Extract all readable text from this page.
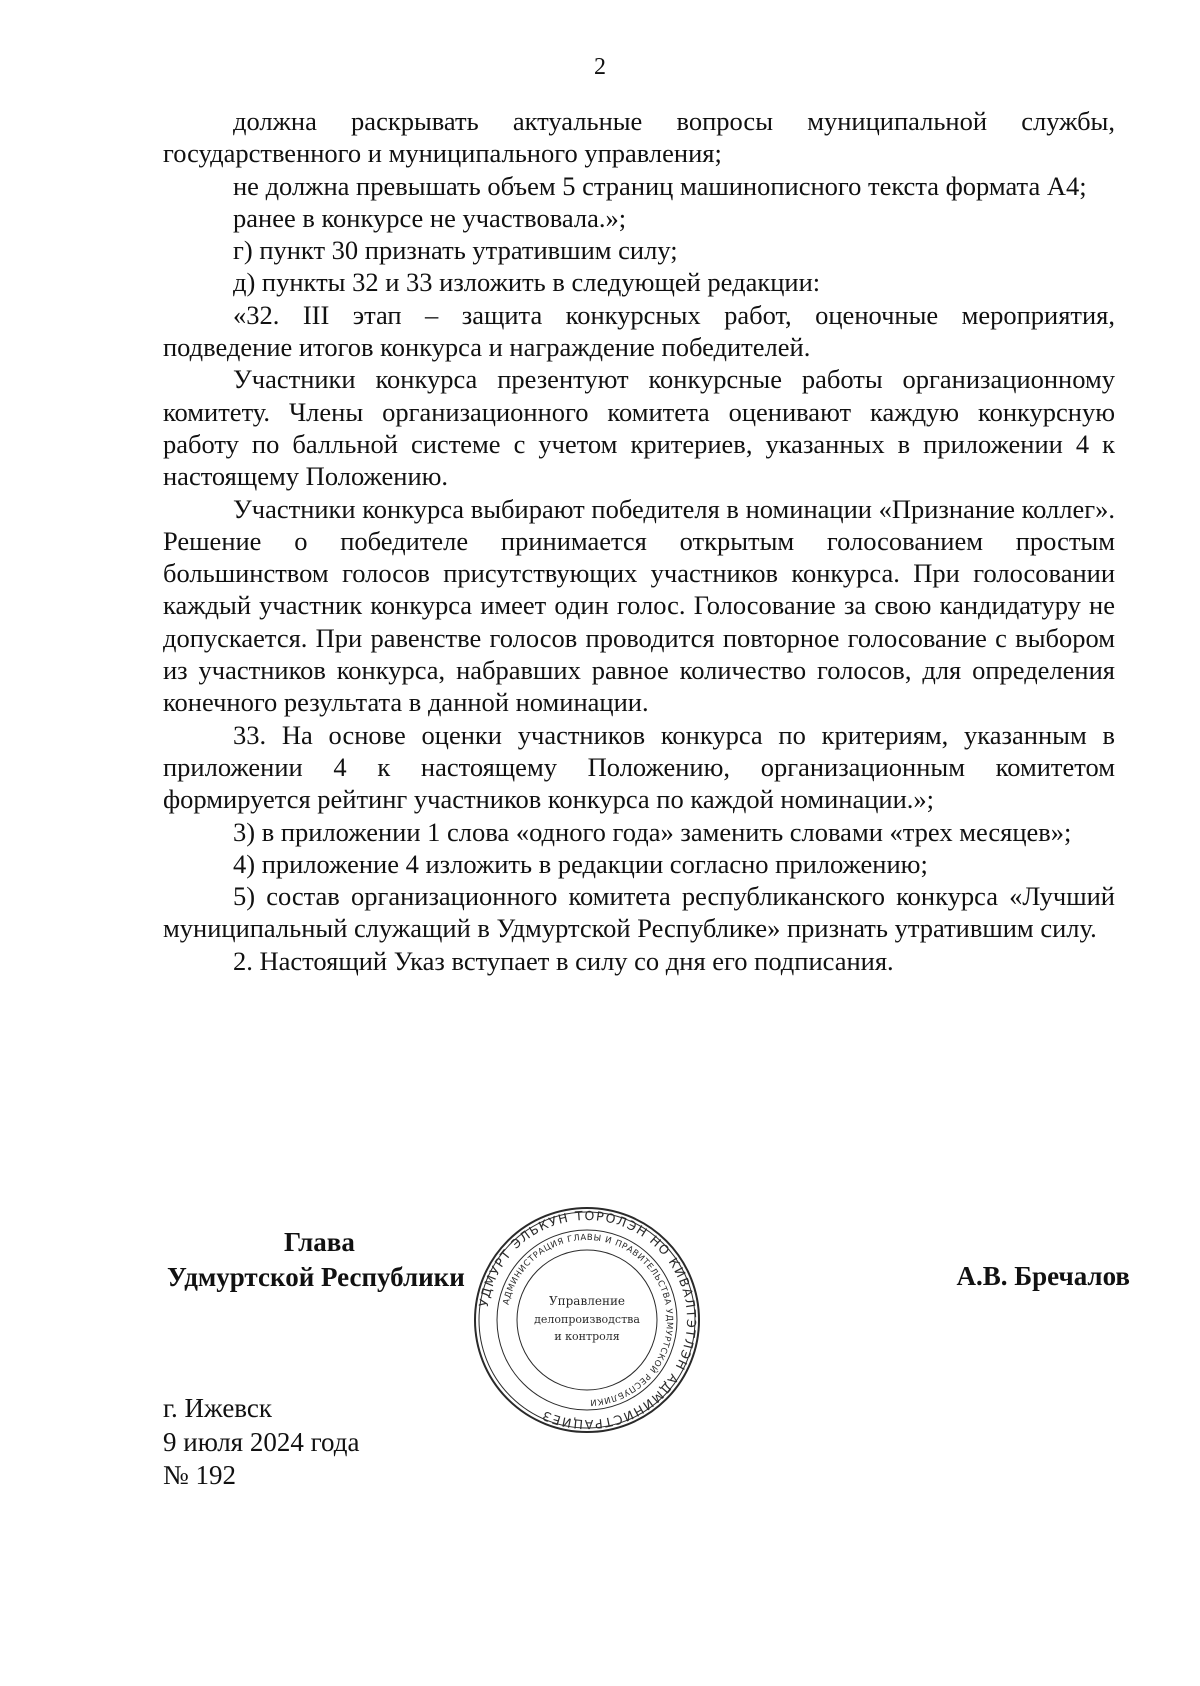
2

должна раскрывать актуальные вопросы муниципальной службы, государственного и муниципального управления;

не должна превышать объем 5 страниц машинописного текста формата А4;

ранее в конкурсе не участвовала.»;

г) пункт 30 признать утратившим силу;

д) пункты 32 и 33 изложить в следующей редакции:

«32. III этап – защита конкурсных работ, оценочные мероприятия, подведение итогов конкурса и награждение победителей.

Участники конкурса презентуют конкурсные работы организационному комитету. Члены организационного комитета оценивают каждую конкурсную работу по балльной системе с учетом критериев, указанных в приложении 4 к настоящему Положению.

Участники конкурса выбирают победителя в номинации «Признание коллег». Решение о победителе принимается открытым голосованием простым большинством голосов присутствующих участников конкурса. При голосовании каждый участник конкурса имеет один голос. Голосование за свою кандидатуру не допускается. При равенстве голосов проводится повторное голосование с выбором из участников конкурса, набравших равное количество голосов, для определения конечного результата в данной номинации.

33. На основе оценки участников конкурса по критериям, указанным в приложении 4 к настоящему Положению, организационным комитетом формируется рейтинг участников конкурса по каждой номинации.»;

3) в приложении 1 слова «одного года» заменить словами «трех месяцев»;

4) приложение 4 изложить в редакции согласно приложению;

5) состав организационного комитета республиканского конкурса «Лучший муниципальный служащий в Удмуртской Республике» признать утратившим силу.

2. Настоящий Указ вступает в силу со дня его подписания.

Глава
Удмуртской Республики
УДМУРТ ЭЛЬКУН ТОРОЛЭН НО КИВАЛТЭТЛЭН АДМИНИСТРАЦИЕЗ
АДМИНИСТРАЦИЯ ГЛАВЫ И ПРАВИТЕЛЬСТВА УДМУРТСКОЙ РЕСПУБЛИКИ
Управление
делопроизводства
и контроля
А.В. Бречалов
г. Ижевск
9 июля 2024 года
№ 192
